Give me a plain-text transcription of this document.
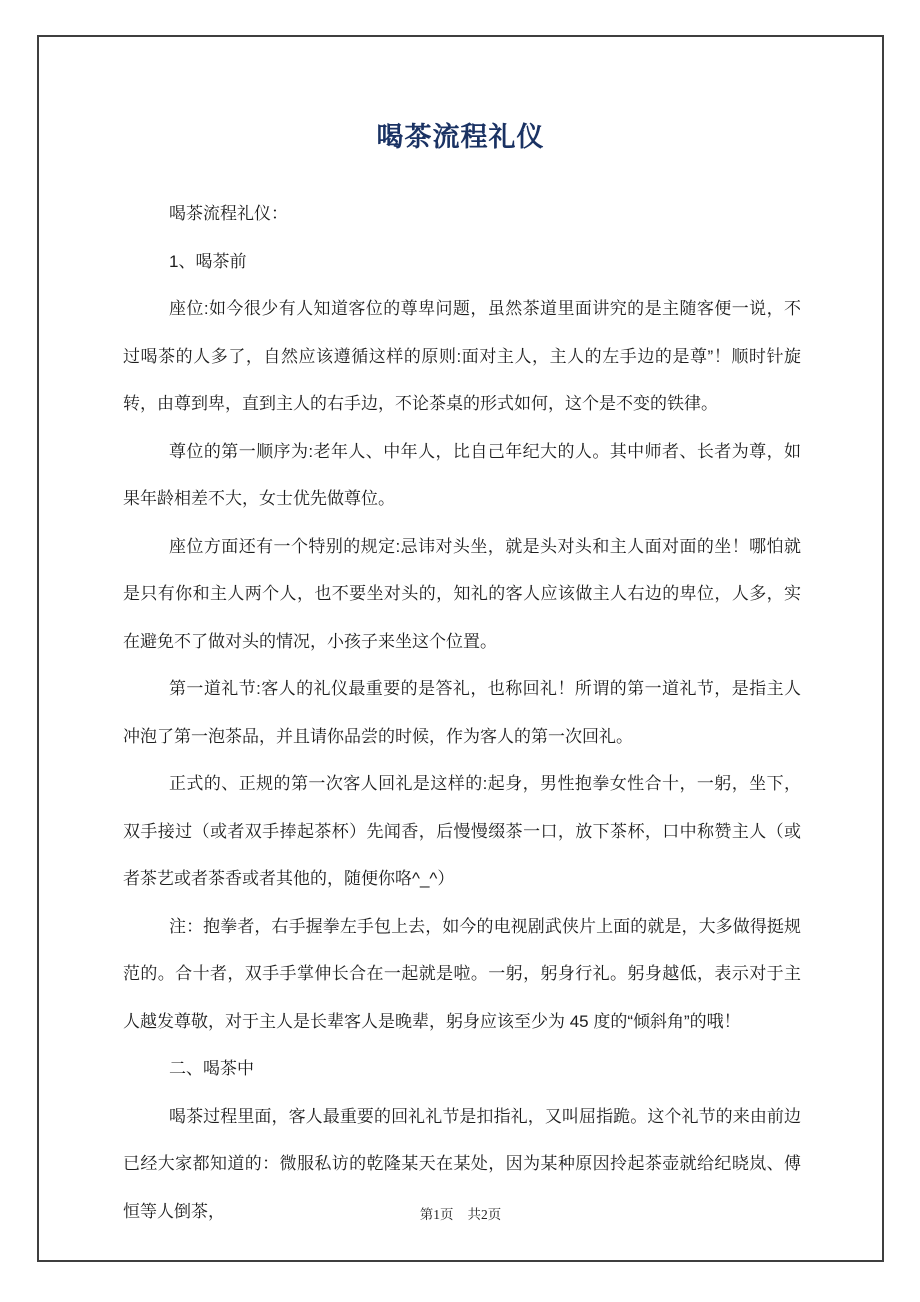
喝茶流程礼仪

喝茶流程礼仪：

1、喝茶前

座位:如今很少有人知道客位的尊卑问题，虽然茶道里面讲究的是主随客便一说，不过喝茶的人多了，自然应该遵循这样的原则:面对主人，主人的左手边的是尊”！顺时针旋转，由尊到卑，直到主人的右手边，不论茶桌的形式如何，这个是不变的铁律。

尊位的第一顺序为:老年人、中年人，比自己年纪大的人。其中师者、长者为尊，如果年龄相差不大，女士优先做尊位。

座位方面还有一个特别的规定:忌讳对头坐，就是头对头和主人面对面的坐！哪怕就是只有你和主人两个人，也不要坐对头的，知礼的客人应该做主人右边的卑位，人多，实在避免不了做对头的情况，小孩子来坐这个位置。

第一道礼节:客人的礼仪最重要的是答礼，也称回礼！所谓的第一道礼节，是指主人冲泡了第一泡茶品，并且请你品尝的时候，作为客人的第一次回礼。

正式的、正规的第一次客人回礼是这样的:起身，男性抱拳女性合十，一躬，坐下，双手接过（或者双手捧起茶杯）先闻香，后慢慢缀茶一口，放下茶杯，口中称赞主人（或者茶艺或者茶香或者其他的，随便你咯^_^）

注：抱拳者，右手握拳左手包上去，如今的电视剧武侠片上面的就是，大多做得挺规范的。合十者，双手手掌伸长合在一起就是啦。一躬，躬身行礼。躬身越低，表示对于主人越发尊敬，对于主人是长辈客人是晚辈，躬身应该至少为 45 度的“倾斜角”的哦！

二、喝茶中

喝茶过程里面，客人最重要的回礼礼节是扣指礼，又叫屈指跪。这个礼节的来由前边已经大家都知道的：微服私访的乾隆某天在某处，因为某种原因拎起茶壶就给纪晓岚、傅恒等人倒茶，	第1页 共2页
